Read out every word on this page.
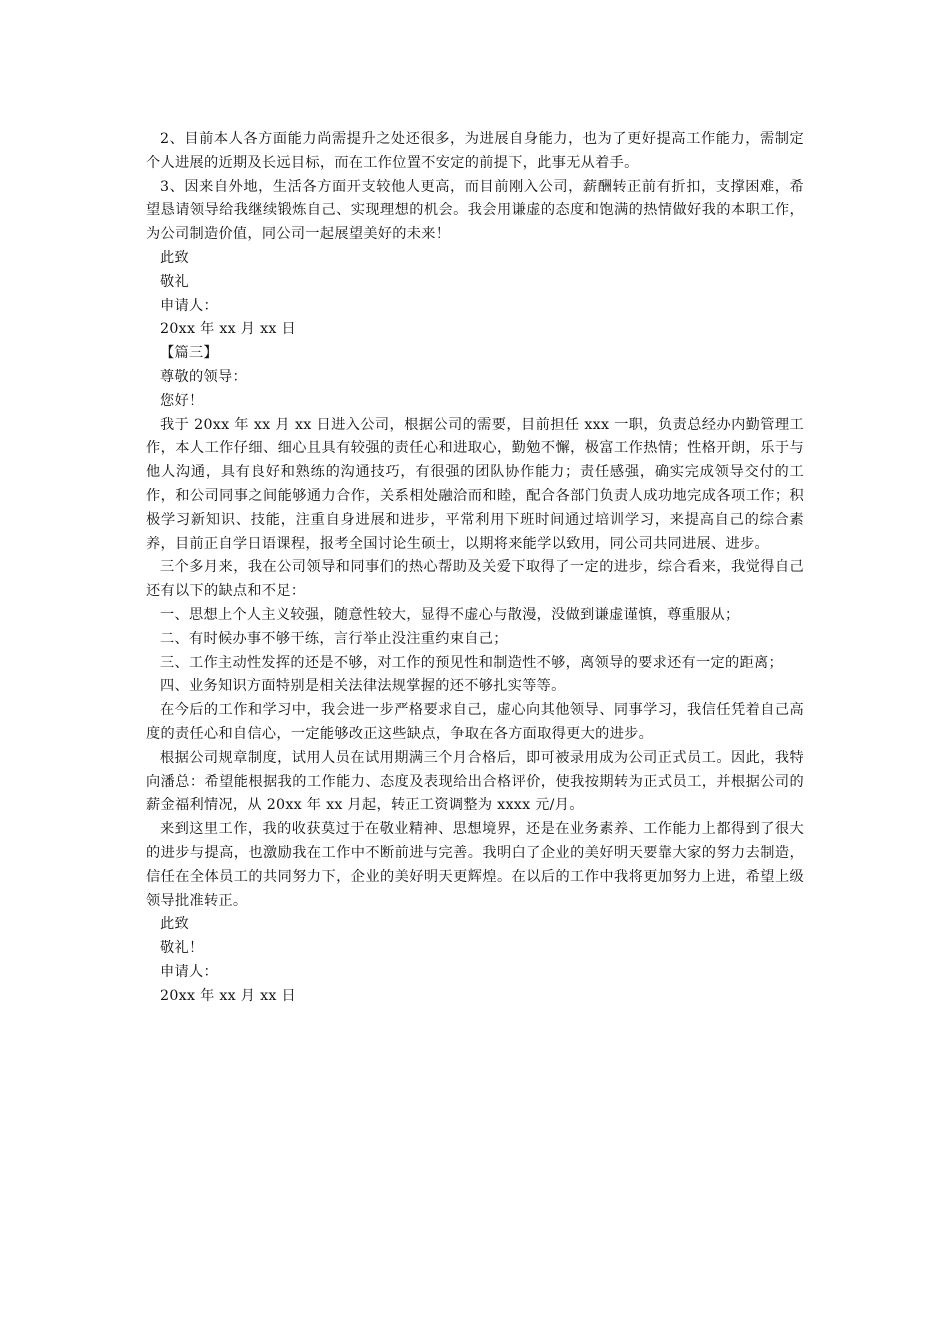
2、目前本人各方面能力尚需提升之处还很多，为进展自身能力，也为了更好提高工作能力，需制定个人进展的近期及长远目标，而在工作位置不安定的前提下，此事无从着手。

3、因来自外地，生活各方面开支较他人更高，而目前刚入公司，薪酬转正前有折扣，支撑困难，希望恳请领导给我继续锻炼自己、实现理想的机会。我会用谦虚的态度和饱满的热情做好我的本职工作，为公司制造价值，同公司一起展望美好的未来！

此致

敬礼

申请人：

20xx 年 xx 月 xx 日

【篇三】

尊敬的领导：

您好！

我于 20xx 年 xx 月 xx 日进入公司，根据公司的需要，目前担任 xxx 一职，负责总经办内勤管理工作，本人工作仔细、细心且具有较强的责任心和进取心，勤勉不懈，极富工作热情；性格开朗，乐于与他人沟通，具有良好和熟练的沟通技巧，有很强的团队协作能力；责任感强，确实完成领导交付的工作，和公司同事之间能够通力合作，关系相处融洽而和睦，配合各部门负责人成功地完成各项工作；积极学习新知识、技能，注重自身进展和进步，平常利用下班时间通过培训学习，来提高自己的综合素养，目前正自学日语课程，报考全国讨论生硕士，以期将来能学以致用，同公司共同进展、进步。

三个多月来，我在公司领导和同事们的热心帮助及关爱下取得了一定的进步，综合看来，我觉得自己还有以下的缺点和不足：

一、思想上个人主义较强，随意性较大，显得不虚心与散漫，没做到谦虚谨慎，尊重服从；

二、有时候办事不够干练，言行举止没注重约束自己；

三、工作主动性发挥的还是不够，对工作的预见性和制造性不够，离领导的要求还有一定的距离；

四、业务知识方面特别是相关法律法规掌握的还不够扎实等等。

在今后的工作和学习中，我会进一步严格要求自己，虚心向其他领导、同事学习，我信任凭着自己高度的责任心和自信心，一定能够改正这些缺点，争取在各方面取得更大的进步。

根据公司规章制度，试用人员在试用期满三个月合格后，即可被录用成为公司正式员工。因此，我特向潘总：希望能根据我的工作能力、态度及表现给出合格评价，使我按期转为正式员工，并根据公司的薪金福利情况，从 20xx 年 xx 月起，转正工资调整为 xxxx 元/月。

来到这里工作，我的收获莫过于在敬业精神、思想境界，还是在业务素养、工作能力上都得到了很大的进步与提高，也激励我在工作中不断前进与完善。我明白了企业的美好明天要靠大家的努力去制造，信任在全体员工的共同努力下，企业的美好明天更辉煌。在以后的工作中我将更加努力上进，希望上级领导批准转正。

此致

敬礼！

申请人：

20xx 年 xx 月 xx 日
